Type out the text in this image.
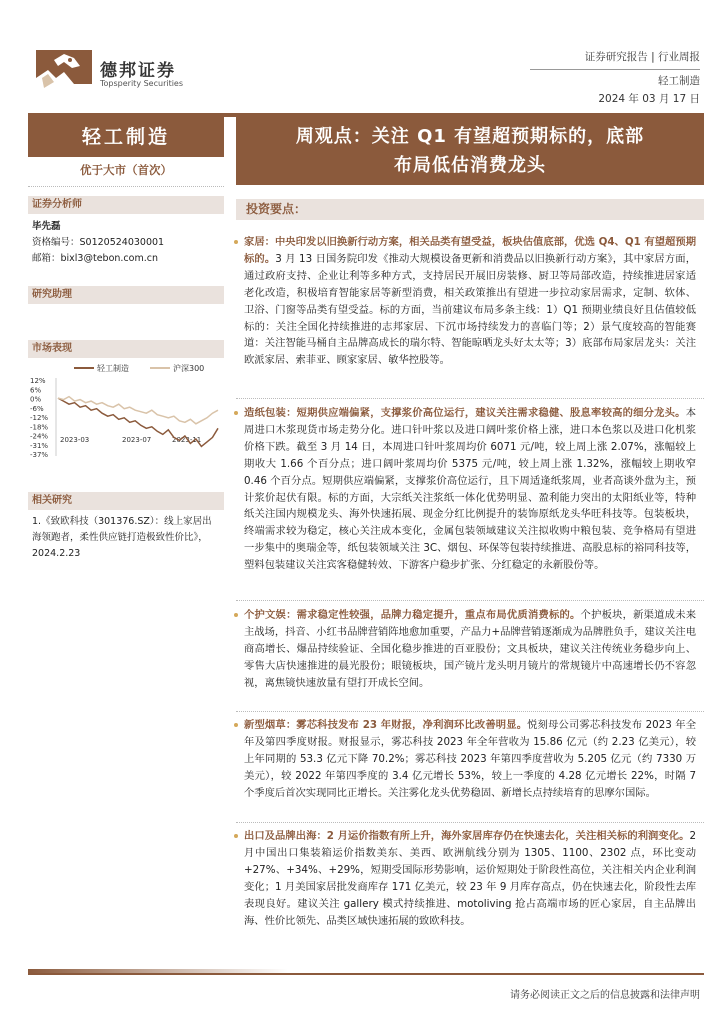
德邦证券
Topsperity Securities
证券研究报告 | 行业周报
轻工制造
2024 年 03 月 17 日
轻工制造
优于大市（首次）
证券分析师
毕先磊
资格编号：S0120524030001
邮箱：bixl3@tebon.com.cn
研究助理
市场表现
轻工制造	沪深300
12%
6%
0%
-6%
-12%
-18%
-24%
-31%
-37%
2023-03	2023-07	2023-11
相关研究
1.《致欧科技（301376.SZ）：线上家居出海领跑者，柔性供应链打造极致性价比》，2024.2.23
周观点：关注 Q1 有望超预期标的，底部
布局低估消费龙头
投资要点：
家居：中央印发以旧换新行动方案，相关品类有望受益，板块估值底部，优选 Q4、Q1 有望超预期标的。3 月 13 日国务院印发《推动大规模设备更新和消费品以旧换新行动方案》，其中家居方面，通过政府支持、企业让利等多种方式，支持居民开展旧房装修、厨卫等局部改造，持续推进居家适老化改造，积极培育智能家居等新型消费，相关政策推出有望进一步拉动家居需求，定制、软体、卫浴、门窗等品类有望受益。标的方面，当前建议布局多条主线：1）Q1 预期业绩良好且估值较低标的：关注全国化持续推进的志邦家居、下沉市场持续发力的喜临门等；2）景气度较高的智能赛道：关注智能马桶自主品牌高成长的瑞尔特、智能晾晒龙头好太太等；3）底部布局家居龙头：关注欧派家居、索菲亚、顾家家居、敏华控股等。
造纸包装：短期供应端偏紧，支撑浆价高位运行，建议关注需求稳健、股息率较高的细分龙头。本周进口木浆现货市场走势分化。进口针叶浆以及进口阔叶浆价格上涨，进口本色浆以及进口化机浆价格下跌。截至 3 月 14 日，本周进口针叶浆周均价 6071 元/吨，较上周上涨 2.07%，涨幅较上期收大 1.66 个百分点；进口阔叶浆周均价 5375 元/吨，较上周上涨 1.32%，涨幅较上期收窄 0.46 个百分点。短期供应端偏紧，支撑浆价高位运行，且下周适逢纸浆周，业者高谈外盘为主，预计浆价起伏有限。标的方面，大宗纸关注浆纸一体化优势明显、盈利能力突出的太阳纸业等，特种纸关注国内规模龙头、海外快速拓展、现金分红比例提升的装饰原纸龙头华旺科技等。包装板块，终端需求较为稳定，核心关注成本变化，金属包装领域建议关注拟收购中粮包装、竞争格局有望进一步集中的奥瑞金等，纸包装领域关注 3C、烟包、环保等包装持续推进、高股息标的裕同科技等，塑料包装建议关注宾客稳健转效、下游客户稳步扩张、分红稳定的永新股份等。
个护文娱：需求稳定性较强，品牌力稳定提升，重点布局优质消费标的。个护板块，新渠道成未来主战场，抖音、小红书品牌营销阵地愈加重要，产品力+品牌营销逐渐成为品牌胜负手，建议关注电商高增长、爆品持续验证、全国化稳步推进的百亚股份；文具板块，建议关注传统业务稳步向上、零售大店快速推进的晨光股份；眼镜板块，国产镜片龙头明月镜片的常规镜片中高速增长仍不容忽视，离焦镜快速放量有望打开成长空间。
新型烟草：雾芯科技发布 23 年财报，净利润环比改善明显。悦刻母公司雾芯科技发布 2023 年全年及第四季度财报。财报显示，雾芯科技 2023 年全年营收为 15.86 亿元（约 2.23 亿美元），较上年同期的 53.3 亿元下降 70.2%；雾芯科技 2023 年第四季度营收为 5.205 亿元（约 7330 万美元），较 2022 年第四季度的 3.4 亿元增长 53%，较上一季度的 4.28 亿元增长 22%，时隔 7 个季度后首次实现同比正增长。关注雾化龙头优势稳固、新增长点持续培育的思摩尔国际。
出口及品牌出海：2 月运价指数有所上升，海外家居库存仍在快速去化，关注相关标的利润变化。2 月中国出口集装箱运价指数美东、美西、欧洲航线分别为 1305、1100、2302 点，环比变动+27%、+34%、+29%，短期受国际形势影响，运价短期处于阶段性高位，关注相关内企业利润变化；1 月美国家居批发商库存 171 亿美元，较 23 年 9 月库存高点，仍在快速去化，阶段性去库表现良好。建议关注 gallery 模式持续推进、motoliving 抢占高端市场的匠心家居，自主品牌出海、性价比领先、品类区域快速拓展的致欧科技。
请务必阅读正文之后的信息披露和法律声明
